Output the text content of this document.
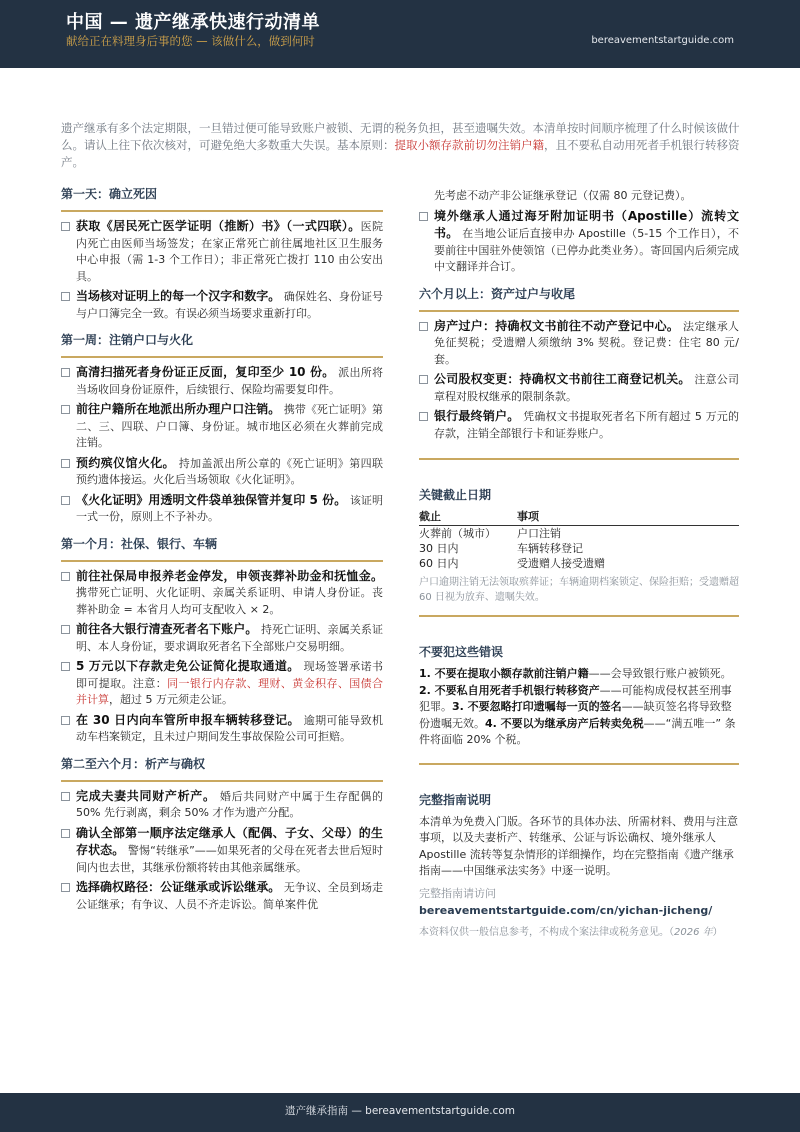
中国 — 遗产继承快速行动清单
献给正在料理身后事的您 — 该做什么，做到何时	bereavementstartguide.com
遗产继承有多个法定期限，一旦错过便可能导致账户被锁、无谓的税务负担，甚至遗嘱失效。本清单按时间顺序梳理了什么时候该做什么。请认上往下依次核对，可避免绝大多数重大失误。基本原则：提取小额存款前切勿注销户籍，且不要私自动用死者手机银行转移资产。
第一天：确立死因
获取《居民死亡医学证明（推断）书》（一式四联）。医院内死亡由医师当场签发；在家正常死亡前往属地社区卫生服务中心申报（需 1-3 个工作日）；非正常死亡拨打 110 由公安出具。
当场核对证明上的每一个汉字和数字。 确保姓名、身份证号与户口簿完全一致。有误必须当场要求重新打印。
第一周：注销户口与火化
高清扫描死者身份证正反面，复印至少 10 份。 派出所将当场收回身份证原件，后续银行、保险均需要复印件。
前往户籍所在地派出所办理户口注销。 携带《死亡证明》第二、三、四联、户口簿、身份证。城市地区必须在火葬前完成注销。
预约殡仪馆火化。 持加盖派出所公章的《死亡证明》第四联预约遗体接运。火化后当场领取《火化证明》。
《火化证明》用透明文件袋单独保管并复印 5 份。 该证明一式一份，原则上不予补办。
第一个月：社保、银行、车辆
前往社保局申报养老金停发，申领丧葬补助金和抚恤金。 携带死亡证明、火化证明、亲属关系证明、申请人身份证。丧葬补助金 = 本省月人均可支配收入 × 2。
前往各大银行清查死者名下账户。 持死亡证明、亲属关系证明、本人身份证，要求调取死者名下全部账户交易明细。
5 万元以下存款走免公证简化提取通道。 现场签署承诺书即可提取。注意：同一银行内存款、理财、黄金积存、国债合并计算，超过 5 万元须走公证。
在 30 日内向车管所申报车辆转移登记。 逾期可能导致机动车档案锁定，且未过户期间发生事故保险公司可拒赔。
第二至六个月：析产与确权
完成夫妻共同财产析产。 婚后共同财产中属于生存配偶的 50% 先行剥离，剩余 50% 才作为遗产分配。
确认全部第一顺序法定继承人（配偶、子女、父母）的生存状态。 警惕“转继承”——如果死者的父母在死者去世后短时间内也去世，其继承份额将转由其他亲属继承。
选择确权路径：公证继承或诉讼继承。 无争议、全员到场走公证继承；有争议、人员不齐走诉讼。简单案件优
先考虑不动产非公证继承登记（仅需 80 元登记费）。
境外继承人通过海牙附加证明书（Apostille）流转文书。 在当地公证后直接申办 Apostille（5-15 个工作日），不要前往中国驻外使领馆（已停办此类业务）。寄回国内后须完成中文翻译并合订。
六个月以上：资产过户与收尾
房产过户：持确权文书前往不动产登记中心。 法定继承人免征契税；受遗赠人须缴纳 3% 契税。登记费：住宅 80 元/套。
公司股权变更：持确权文书前往工商登记机关。 注意公司章程对股权继承的限制条款。
银行最终销户。 凭确权文书提取死者名下所有超过 5 万元的存款，注销全部银行卡和证券账户。
关键截止日期
截止	事项
火葬前（城市）	户口注销
30 日内	车辆转移登记
60 日内	受遗赠人接受遗赠
户口逾期注销无法领取殡葬证；车辆逾期档案锁定、保险拒赔；受遗赠超 60 日视为放弃、遗嘱失效。
不要犯这些错误
1. 不要在提取小额存款前注销户籍——会导致银行账户被锁死。2. 不要私自用死者手机银行转移资产——可能构成侵权甚至刑事犯罪。3. 不要忽略打印遗嘱每一页的签名——缺页签名将导致整份遗嘱无效。4. 不要以为继承房产后转卖免税——“满五唯一” 条件将面临 20% 个税。
完整指南说明
本清单为免费入门版。各环节的具体办法、所需材料、费用与注意事项，以及夫妻析产、转继承、公证与诉讼确权、境外继承人 Apostille 流转等复杂情形的详细操作，均在完整指南《遗产继承指南——中国继承法实务》中逐一说明。
完整指南请访问
bereavementstartguide.com/cn/yichan-jicheng/
本资料仅供一般信息参考，不构成个案法律或税务意见。（2026 年）
遗产继承指南 — bereavementstartguide.com
